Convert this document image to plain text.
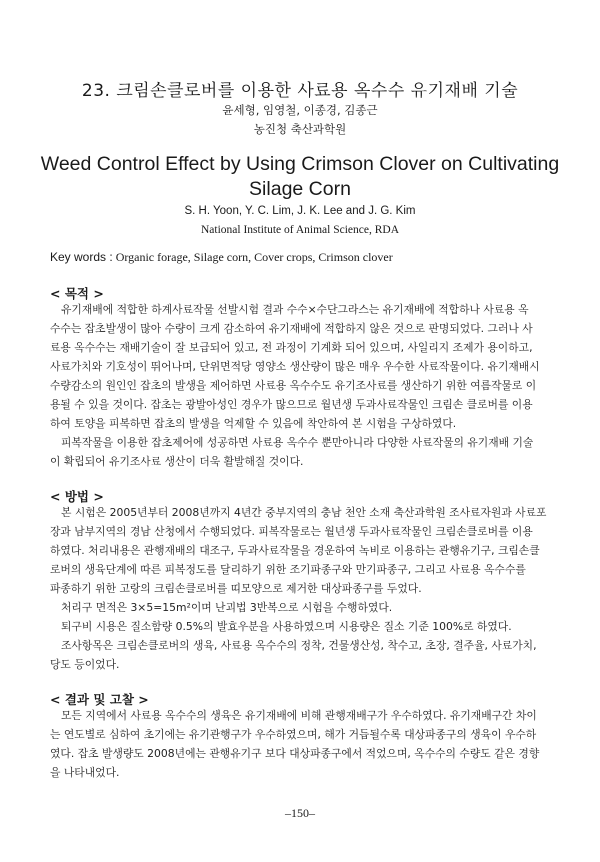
23. 크림손클로버를 이용한 사료용 옥수수 유기재배 기술
윤세형, 임영철, 이종경, 김종근
농진청 축산과학원
Weed Control Effect by Using Crimson Clover on Cultivating
Silage Corn
S. H. Yoon, Y. C. Lim, J. K. Lee and J. G. Kim
National Institute of Animal Science, RDA
Key words : Organic forage, Silage corn, Cover crops, Crimson clover
< 목적 >
유기재배에 적합한 하계사료작물 선발시험 결과 수수×수단그라스는 유기재배에 적합하나 사료용 옥
수수는 잡초발생이 많아 수량이 크게 감소하여 유기재배에 적합하지 않은 것으로 판명되었다. 그러나 사
료용 옥수수는 재배기술이 잘 보급되어 있고, 전 과정이 기계화 되어 있으며, 사일리지 조제가 용이하고,
사료가치와 기호성이 뛰어나며, 단위면적당 영양소 생산량이 많은 매우 우수한 사료작물이다. 유기재배시
수량감소의 원인인 잡초의 발생을 제어하면 사료용 옥수수도 유기조사료를 생산하기 위한 여름작물로 이
용될 수 있을 것이다. 잡초는 광발아성인 경우가 많으므로 월년생 두과사료작물인 크림손 클로버를 이용
하여 토양을 피복하면 잡초의 발생을 억제할 수 있음에 착안하여 본 시험을 구상하였다.
피복작물을 이용한 잡초제어에 성공하면 사료용 옥수수 뿐만아니라 다양한 사료작물의 유기재배 기술
이 확립되어 유기조사료 생산이 더욱 활발해질 것이다.
< 방법 >
본 시험은 2005년부터 2008년까지 4년간 중부지역의 충남 천안 소재 축산과학원 조사료자원과 사료포
장과 남부지역의 경남 산청에서 수행되었다. 피복작물로는 월년생 두과사료작물인 크림손클로버를 이용
하였다. 처리내용은 관행재배의 대조구, 두과사료작물을 경운하여 녹비로 이용하는 관행유기구, 크림손클
로버의 생육단계에 따른 피복정도를 달리하기 위한 조기파종구와 만기파종구, 그리고 사료용 옥수수를
파종하기 위한 고랑의 크림손클로버를 띠모양으로 제거한 대상파종구를 두었다.
처리구 면적은 3×5=15m²이며 난괴법 3반복으로 시험을 수행하였다.
퇴구비 시용은 질소함량 0.5%의 발효우분을 사용하였으며 시용량은 질소 기준 100%로 하였다.
조사항목은 크림손클로버의 생육, 사료용 옥수수의 정착, 건물생산성, 착수고, 초장, 결주율, 사료가치,
당도 등이었다.
< 결과 및 고찰 >
모든 지역에서 사료용 옥수수의 생육은 유기재배에 비해 관행재배구가 우수하였다. 유기재배구간 차이
는 연도별로 심하여 초기에는 유기관행구가 우수하였으며, 해가 거듭될수록 대상파종구의 생육이 우수하
였다. 잡초 발생량도 2008년에는 관행유기구 보다 대상파종구에서 적었으며, 옥수수의 수량도 같은 경향
을 나타내었다.
–150–
